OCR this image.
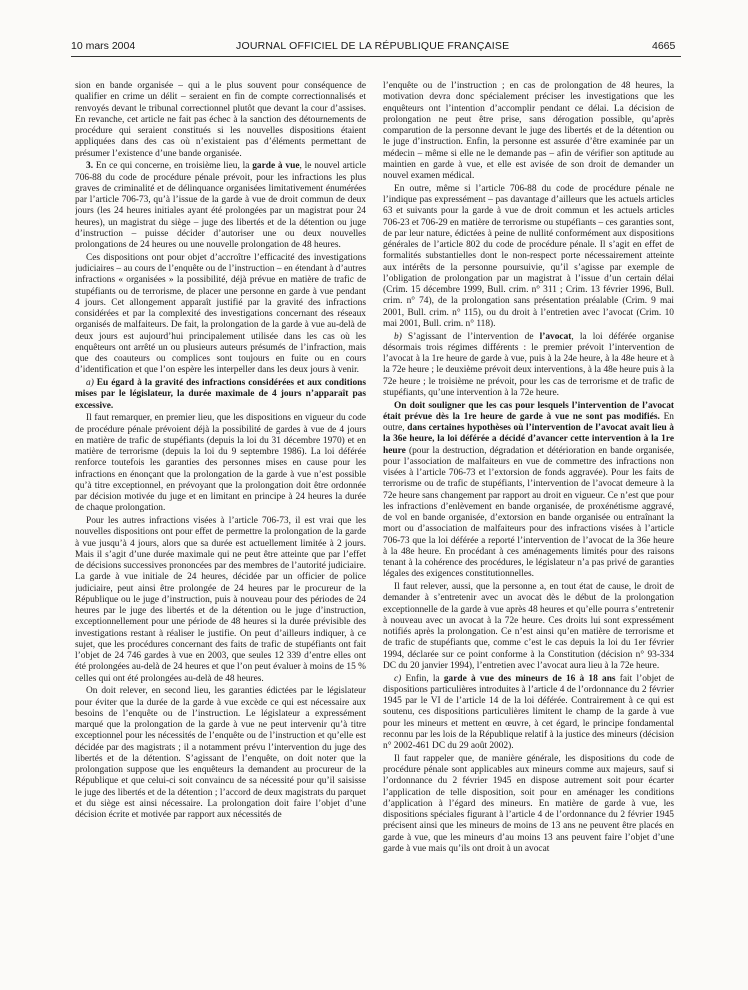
10 mars 2004	JOURNAL OFFICIEL DE LA RÉPUBLIQUE FRANÇAISE	4665

sion en bande organisée – qui a le plus souvent pour conséquence de qualifier en crime un délit – seraient en fin de compte correctionnalisés et renvoyés devant le tribunal correctionnel plutôt que devant la cour d’assises. En revanche, cet article ne fait pas échec à la sanction des détournements de procédure qui seraient constitués si les nouvelles dispositions étaient appliquées dans des cas où n’existaient pas d’éléments permettant de présumer l’existence d’une bande organisée.

3. En ce qui concerne, en troisième lieu, la garde à vue, le nouvel article 706-88 du code de procédure pénale prévoit, pour les infractions les plus graves de criminalité et de délinquance organisées limitativement énumérées par l’article 706-73, qu’à l’issue de la garde à vue de droit commun de deux jours (les 24 heures initiales ayant été prolongées par un magistrat pour 24 heures), un magistrat du siège – juge des libertés et de la détention ou juge d’instruction – puisse décider d’autoriser une ou deux nouvelles prolongations de 24 heures ou une nouvelle prolongation de 48 heures.

Ces dispositions ont pour objet d’accroître l’efficacité des investigations judiciaires – au cours de l’enquête ou de l’instruction – en étendant à d’autres infractions « organisées » la possibilité, déjà prévue en matière de trafic de stupéfiants ou de terrorisme, de placer une personne en garde à vue pendant 4 jours. Cet allongement apparaît justifié par la gravité des infractions considérées et par la complexité des investigations concernant des réseaux organisés de malfaiteurs. De fait, la prolongation de la garde à vue au-delà de deux jours est aujourd’hui principalement utilisée dans les cas où les enquêteurs ont arrêté un ou plusieurs auteurs présumés de l’infraction, mais que des coauteurs ou complices sont toujours en fuite ou en cours d’identification et que l’on espère les interpeller dans les deux jours à venir.

a) Eu égard à la gravité des infractions considérées et aux conditions mises par le législateur, la durée maximale de 4 jours n’apparaît pas excessive.

Il faut remarquer, en premier lieu, que les dispositions en vigueur du code de procédure pénale prévoient déjà la possibilité de gardes à vue de 4 jours en matière de trafic de stupéfiants (depuis la loi du 31 décembre 1970) et en matière de terrorisme (depuis la loi du 9 septembre 1986). La loi déférée renforce toutefois les garanties des personnes mises en cause pour les infractions en énonçant que la prolongation de la garde à vue n’est possible qu’à titre exceptionnel, en prévoyant que la prolongation doit être ordonnée par décision motivée du juge et en limitant en principe à 24 heures la durée de chaque prolongation.

Pour les autres infractions visées à l’article 706-73, il est vrai que les nouvelles dispositions ont pour effet de permettre la prolongation de la garde à vue jusqu’à 4 jours, alors que sa durée est actuellement limitée à 2 jours. Mais il s’agit d’une durée maximale qui ne peut être atteinte que par l’effet de décisions successives prononcées par des membres de l’autorité judiciaire. La garde à vue initiale de 24 heures, décidée par un officier de police judiciaire, peut ainsi être prolongée de 24 heures par le procureur de la République ou le juge d’instruction, puis à nouveau pour des périodes de 24 heures par le juge des libertés et de la détention ou le juge d’instruction, exceptionnellement pour une période de 48 heures si la durée prévisible des investigations restant à réaliser le justifie. On peut d’ailleurs indiquer, à ce sujet, que les procédures concernant des faits de trafic de stupéfiants ont fait l’objet de 24 746 gardes à vue en 2003, que seules 12 339 d’entre elles ont été prolongées au-delà de 24 heures et que l’on peut évaluer à moins de 15 % celles qui ont été prolongées au-delà de 48 heures.

On doit relever, en second lieu, les garanties édictées par le législateur pour éviter que la durée de la garde à vue excède ce qui est nécessaire aux besoins de l’enquête ou de l’instruction. Le législateur a expressément marqué que la prolongation de la garde à vue ne peut intervenir qu’à titre exceptionnel pour les nécessités de l’enquête ou de l’instruction et qu’elle est décidée par des magistrats ; il a notamment prévu l’intervention du juge des libertés et de la détention. S’agissant de l’enquête, on doit noter que la prolongation suppose que les enquêteurs la demandent au procureur de la République et que celui-ci soit convaincu de sa nécessité pour qu’il saisisse le juge des libertés et de la détention ; l’accord de deux magistrats du parquet et du siège est ainsi nécessaire. La prolongation doit faire l’objet d’une décision écrite et motivée par rapport aux nécessités de

l’enquête ou de l’instruction ; en cas de prolongation de 48 heures, la motivation devra donc spécialement préciser les investigations que les enquêteurs ont l’intention d’accomplir pendant ce délai. La décision de prolongation ne peut être prise, sans dérogation possible, qu’après comparution de la personne devant le juge des libertés et de la détention ou le juge d’instruction. Enfin, la personne est assurée d’être examinée par un médecin – même si elle ne le demande pas – afin de vérifier son aptitude au maintien en garde à vue, et elle est avisée de son droit de demander un nouvel examen médical.

En outre, même si l’article 706-88 du code de procédure pénale ne l’indique pas expressément – pas davantage d’ailleurs que les actuels articles 63 et suivants pour la garde à vue de droit commun et les actuels articles 706-23 et 706-29 en matière de terrorisme ou stupéfiants – ces garanties sont, de par leur nature, édictées à peine de nullité conformément aux dispositions générales de l’article 802 du code de procédure pénale. Il s’agit en effet de formalités substantielles dont le non-respect porte nécessairement atteinte aux intérêts de la personne poursuivie, qu’il s’agisse par exemple de l’obligation de prolongation par un magistrat à l’issue d’un certain délai (Crim. 15 décembre 1999, Bull. crim. n° 311 ; Crim. 13 février 1996, Bull. crim. n° 74), de la prolongation sans présentation préalable (Crim. 9 mai 2001, Bull. crim. n° 115), ou du droit à l’entretien avec l’avocat (Crim. 10 mai 2001, Bull. crim. n° 118).

b) S’agissant de l’intervention de l’avocat, la loi déférée organise désormais trois régimes différents : le premier prévoit l’intervention de l’avocat à la 1re heure de garde à vue, puis à la 24e heure, à la 48e heure et à la 72e heure ; le deuxième prévoit deux interventions, à la 48e heure puis à la 72e heure ; le troisième ne prévoit, pour les cas de terrorisme et de trafic de stupéfiants, qu’une intervention à la 72e heure.

On doit souligner que les cas pour lesquels l’intervention de l’avocat était prévue dès la 1re heure de garde à vue ne sont pas modifiés. En outre, dans certaines hypothèses où l’intervention de l’avocat avait lieu à la 36e heure, la loi déférée a décidé d’avancer cette intervention à la 1re heure (pour la destruction, dégradation et détérioration en bande organisée, pour l’association de malfaiteurs en vue de commettre des infractions non visées à l’article 706-73 et l’extorsion de fonds aggravée). Pour les faits de terrorisme ou de trafic de stupéfiants, l’intervention de l’avocat demeure à la 72e heure sans changement par rapport au droit en vigueur. Ce n’est que pour les infractions d’enlèvement en bande organisée, de proxénétisme aggravé, de vol en bande organisée, d’extorsion en bande organisée ou entraînant la mort ou d’association de malfaiteurs pour des infractions visées à l’article 706-73 que la loi déférée a reporté l’intervention de l’avocat de la 36e heure à la 48e heure. En procédant à ces aménagements limités pour des raisons tenant à la cohérence des procédures, le législateur n’a pas privé de garanties légales des exigences constitutionnelles.

Il faut relever, aussi, que la personne a, en tout état de cause, le droit de demander à s’entretenir avec un avocat dès le début de la prolongation exceptionnelle de la garde à vue après 48 heures et qu’elle pourra s’entretenir à nouveau avec un avocat à la 72e heure. Ces droits lui sont expressément notifiés après la prolongation. Ce n’est ainsi qu’en matière de terrorisme et de trafic de stupéfiants que, comme c’est le cas depuis la loi du 1er février 1994, déclarée sur ce point conforme à la Constitution (décision n° 93-334 DC du 20 janvier 1994), l’entretien avec l’avocat aura lieu à la 72e heure.

c) Enfin, la garde à vue des mineurs de 16 à 18 ans fait l’objet de dispositions particulières introduites à l’article 4 de l’ordonnance du 2 février 1945 par le VI de l’article 14 de la loi déférée. Contrairement à ce qui est soutenu, ces dispositions particulières limitent le champ de la garde à vue pour les mineurs et mettent en œuvre, à cet égard, le principe fondamental reconnu par les lois de la République relatif à la justice des mineurs (décision n° 2002-461 DC du 29 août 2002).

Il faut rappeler que, de manière générale, les dispositions du code de procédure pénale sont applicables aux mineurs comme aux majeurs, sauf si l’ordonnance du 2 février 1945 en dispose autrement soit pour écarter l’application de telle disposition, soit pour en aménager les conditions d’application à l’égard des mineurs. En matière de garde à vue, les dispositions spéciales figurant à l’article 4 de l’ordonnance du 2 février 1945 précisent ainsi que les mineurs de moins de 13 ans ne peuvent être placés en garde à vue, que les mineurs d’au moins 13 ans peuvent faire l’objet d’une garde à vue mais qu’ils ont droit à un avocat
